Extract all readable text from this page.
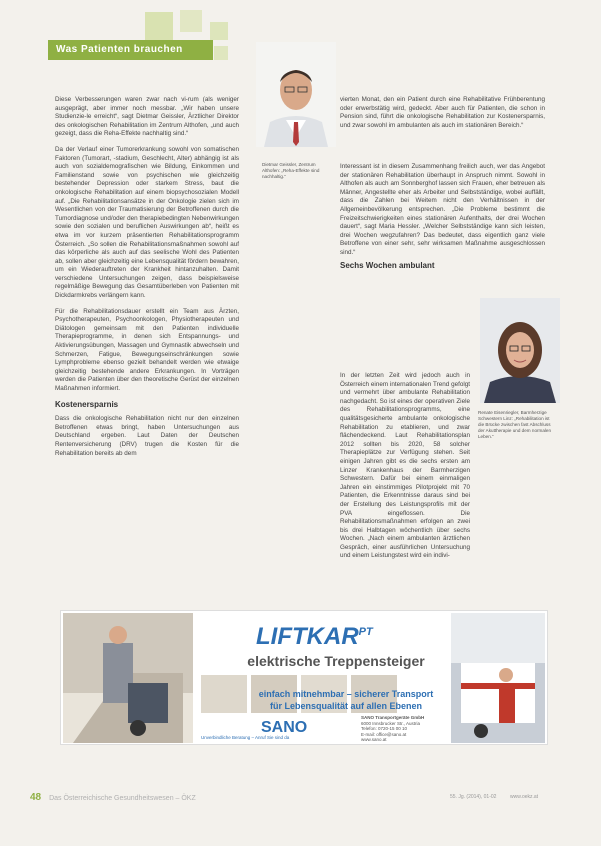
Was Patienten brauchen
Dietmar Geissler, Zentrum Althofen: „Reha-Effekte sind nachhaltig.“

Diese Verbesserungen waren zwar nach vi-rum (als weniger ausgeprägt, aber immer noch messbar. „Wir haben unsere Studienzie-le erreicht“, sagt Dietmar Geissler, Ärztlicher Direktor des onkologischen Rehabilitation im Zentrum Althofen, „und auch gezeigt, dass die Reha-Effekte nachhaltig sind.“

Da der Verlauf einer Tumorerkrankung sowohl von somatischen Faktoren (Tumorart, -stadium, Geschlecht, Alter) abhängig ist als auch von sozialdemografischen wie Bildung, Einkommen und Familienstand sowie von psychischen wie gleichzeitig bestehender Depression oder starkem Stress, baut die onkologische Rehabilitation auf einem biopsychosozialen Modell auf. „Die Rehabilitationsansätze in der Onkologie zielen sich im Wesentlichen von der Traumatisierung der Betroffenen durch die Tumordiagnose und/oder den therapiebedingten Nebenwirkungen sowie den sozialen und beruflichen Auswirkungen ab“, heißt es etwa im vor kurzem präsentierten Rehabilitationsprogramm Österreich. „So sollen die Rehabilitationsmaßnahmen sowohl auf das körperliche als auch auf das seelische Wohl des Patienten ab, sollen aber gleichzeitig eine Lebensqualität fördern bewahren, um ein Wiederauftreten der Krankheit hintanzuhalten. Damit verschiedene Untersuchungen zeigen, dass beispielsweise regelmäßige Bewegung das Gesamtüberleben von Patienten mit Dickdarmkrebs verlängern kann.

Für die Rehabilitationsdauer erstellt ein Team aus Ärzten, Psychotherapeuten, Psychoonkologen, Physiotherapeuten und Diätologen gemeinsam mit den Patienten individuelle Therapieprogramme, in denen sich Entspannungs- und Aktivierungsübungen, Massagen und Gymnastik abwechseln und Schmerzen, Fatigue, Bewegungseinschränkungen sowie Lymphprobleme ebenso gezielt behandelt werden wie etwaige gleichzeitig bestehende andere Erkrankungen. In Vorträgen werden die Patienten über den theoretische Gerüst der einzelnen Maßnahmen informiert.

Kostenersparnis

Dass die onkologische Rehabilitation nicht nur den einzelnen Betroffenen etwas bringt, haben Untersuchungen aus Deutschland ergeben. Laut Daten der Deutschen Rentenversicherung (DRV) trugen die Kosten für die Rehabilitation bereits ab dem

vierten Monat, den ein Patient durch eine Rehabilitative Frühberentung oder erwerbstätig wird, gedeckt. Aber auch für Patienten, die schon in Pension sind, führt die onkologische Rehabilitation zur Kostenersparnis, und zwar sowohl im ambulanten als auch im stationären Bereich.“

Interessant ist in diesem Zusammenhang freilich auch, wer das Angebot der stationären Rehabilitation überhaupt in Anspruch nimmt. Sowohl in Althofen als auch am Sonnberghof lassen sich Frauen, eher betreuen als Männer, Angestellte eher als Arbeiter und Selbstständige, wobei auffällt, dass die Zahlen bei Weitem nicht den Verhältnissen in der Allgemeinbevölkerung entsprechen. „Die Probleme bestimmt die Freizeitschwierigkeiten eines stationären Aufenthalts, der drei Wochen dauert“, sagt Maria Hessler. „Welcher Selbstständige kann sich leisten, drei Wochen wegzufahren? Das bedeutet, dass eigentlich ganz viele Betroffene von einer sehr, sehr wirksamen Maßnahme ausgeschlossen sind.“

Sechs Wochen ambulant

In der letzten Zeit wird jedoch auch in Österreich einem internationalen Trend gefolgt und vermehrt über ambulante Rehabilitation nachgedacht. So ist eines der operativen Ziele des Rehabilitationsprogramms, eine qualitätsgesicherte ambulante onkologische Rehabilitation zu etablieren, und zwar flächendeckend. Laut Rehabilitationsplan 2012 sollten bis 2020, 58 solcher Therapieplätze zur Verfügung stehen. Seit einigen Jahren gibt es die sechs ersten am Linzer Krankenhaus der Barmherzigen Schwestern. Dafür bei einem einmaligen Jahren ein einstimmiges Pilotprojekt mit 70 Patienten, die Erkenntnisse daraus sind bei der Erstellung des Leistungsprofils mit der PVA eingeflossen. Die Rehabilitationsmaßnahmen erfolgen an zwei bis drei Halbtagen wöchentlich über sechs Wochen. „Nach einem ambulanten ärztlichen Gespräch, einer ausführlichen Untersuchung und einem Leistungstest wird ein indivi-

Renate Eisenriegler, Barmherzige Schwestern Linz: „Rehabilitation ist die Brücke zwischen fast Abschluss der Akuttherapie und dem normalen Leben.“
$LIFTKAR^{PT}$
elektrische Treppensteiger
einfach mitnehmbar – sicherer Transport
für Lebensqualität auf allen Ebenen
SANO
SANO Transportgeräte GmbH
6000 Innsbrucker Str., Austria
Telefon: 0720-15 00 10
E-mail: office@sano.at
www.sano.at
Unverbindliche Beratung – Anruf Sie sind da
48 Das Österreichische Gesundheitswesen – ÖKZ	55. Jg. (2014), 01-02	www.oekz.at
